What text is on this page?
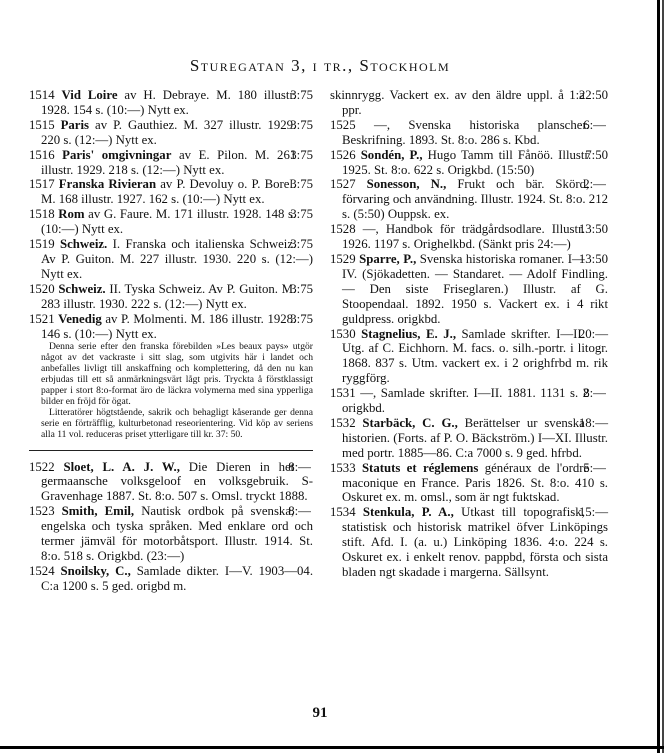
Sturegatan 3, i tr., Stockholm
3:75
1514 Vid Loire av H. Debraye. M. 180 illustr. 1928. 154 s. (10:—) Nytt ex.
3:75
1515 Paris av P. Gauthiez. M. 327 illustr. 1929. 220 s. (12:—) Nytt ex.
3:75
1516 Paris' omgivningar av E. Pilon. M. 261 illustr. 1929. 218 s. (12:—) Nytt ex.
3:75
1517 Franska Rivieran av P. Devoluy o. P. Borel. M. 168 illustr. 1927. 162 s. (10:—) Nytt ex.
3:75
1518 Rom av G. Faure. M. 171 illustr. 1928. 148 s. (10:—) Nytt ex.
3:75
1519 Schweiz. I. Franska och italienska Schweiz. Av P. Guiton. M. 227 illustr. 1930. 220 s. (12:—) Nytt ex.
3:75
1520 Schweiz. II. Tyska Schweiz. Av P. Guiton. M. 283 illustr. 1930. 222 s. (12:—) Nytt ex.
3:75
1521 Venedig av P. Molmenti. M. 186 illustr. 1928. 146 s. (10:—) Nytt ex.
Denna serie efter den franska förebilden »Les beaux pays» utgör något av det vackraste i sitt slag, som utgivits här i landet och anbefalles livligt till anskaffning och komplettering, då den nu kan erbjudas till ett så anmärkningsvärt lågt pris. Tryckta å förstklassigt papper i stort 8:o-format äro de läckra volymerna med sina ypperliga bilder en fröjd för ögat.
Litteratörer högtstående, sakrik och behagligt kåserande ger denna serie en förträfflig, kulturbetonad reseorientering. Vid köp av seriens alla 11 vol. reduceras priset ytterligare till kr. 37: 50.
8:—
1522 Sloet, L. A. J. W., Die Dieren in het germaansche volksgeloof en volksgebruik. S-Gravenhage 1887. St. 8:o. 507 s. Omsl. tryckt 1888.
8:—
1523 Smith, Emil, Nautisk ordbok på svenska, engelska och tyska språken. Med enklare ord och termer jämväl för motorbåtsport. Illustr. 1914. St. 8:o. 518 s. Origkbd. (23:—)
1524 Snoilsky, C., Samlade dikter. I—V. 1903—04. C:a 1200 s. 5 ged. origbd m.
22:50
skinnrygg. Vackert ex. av den äldre uppl. å 1:a ppr.
6:—
1525 —, Svenska historiska planscher. Beskrifning. 1893. St. 8:o. 286 s. Kbd.
7:50
1526 Sondén, P., Hugo Tamm till Fånöö. Illustr. 1925. St. 8:o. 622 s. Origkbd. (15:50)
2:—
1527 Sonesson, N., Frukt och bär. Skörd, förvaring och användning. Illustr. 1924. St. 8:o. 212 s. (5:50) Ouppsk. ex.
13:50
1528 —, Handbok för trädgårdsodlare. Illustr. 1926. 1197 s. Orighelkbd. (Sänkt pris 24:—)
13:50
1529 Sparre, P., Svenska historiska romaner. I—IV. (Sjökadetten. — Standaret. — Adolf Findling. — Den siste Friseglaren.) Illustr. af G. Stoopendaal. 1892. 1950 s. Vackert ex. i 4 rikt guldpress. origkbd.
20:—
1530 Stagnelius, E. J., Samlade skrifter. I—II. Utg. af C. Eichhorn. M. facs. o. silh.-portr. i litogr. 1868. 837 s. Utm. vackert ex. i 2 orighfrbd m. rik ryggförg.
8:—
1531 —, Samlade skrifter. I—II. 1881. 1131 s. 2 origkbd.
18:—
1532 Starbäck, C. G., Berättelser ur svenska historien. (Forts. af P. O. Bäckström.) I—XI. Illustr. med portr. 1885—86. C:a 7000 s. 9 ged. hfrbd.
5:—
1533 Statuts et réglemens généraux de l'ordre maconique en France. Paris 1826. St. 8:o. 410 s. Oskuret ex. m. omsl., som är ngt fuktskad.
15:—
1534 Stenkula, P. A., Utkast till topografisk, statistisk och historisk matrikel öfver Linköpings stift. Afd. I. (a. u.) Linköping 1836. 4:o. 224 s. Oskuret ex. i enkelt renov. pappbd, första och sista bladen ngt skadade i margerna. Sällsynt.
91
